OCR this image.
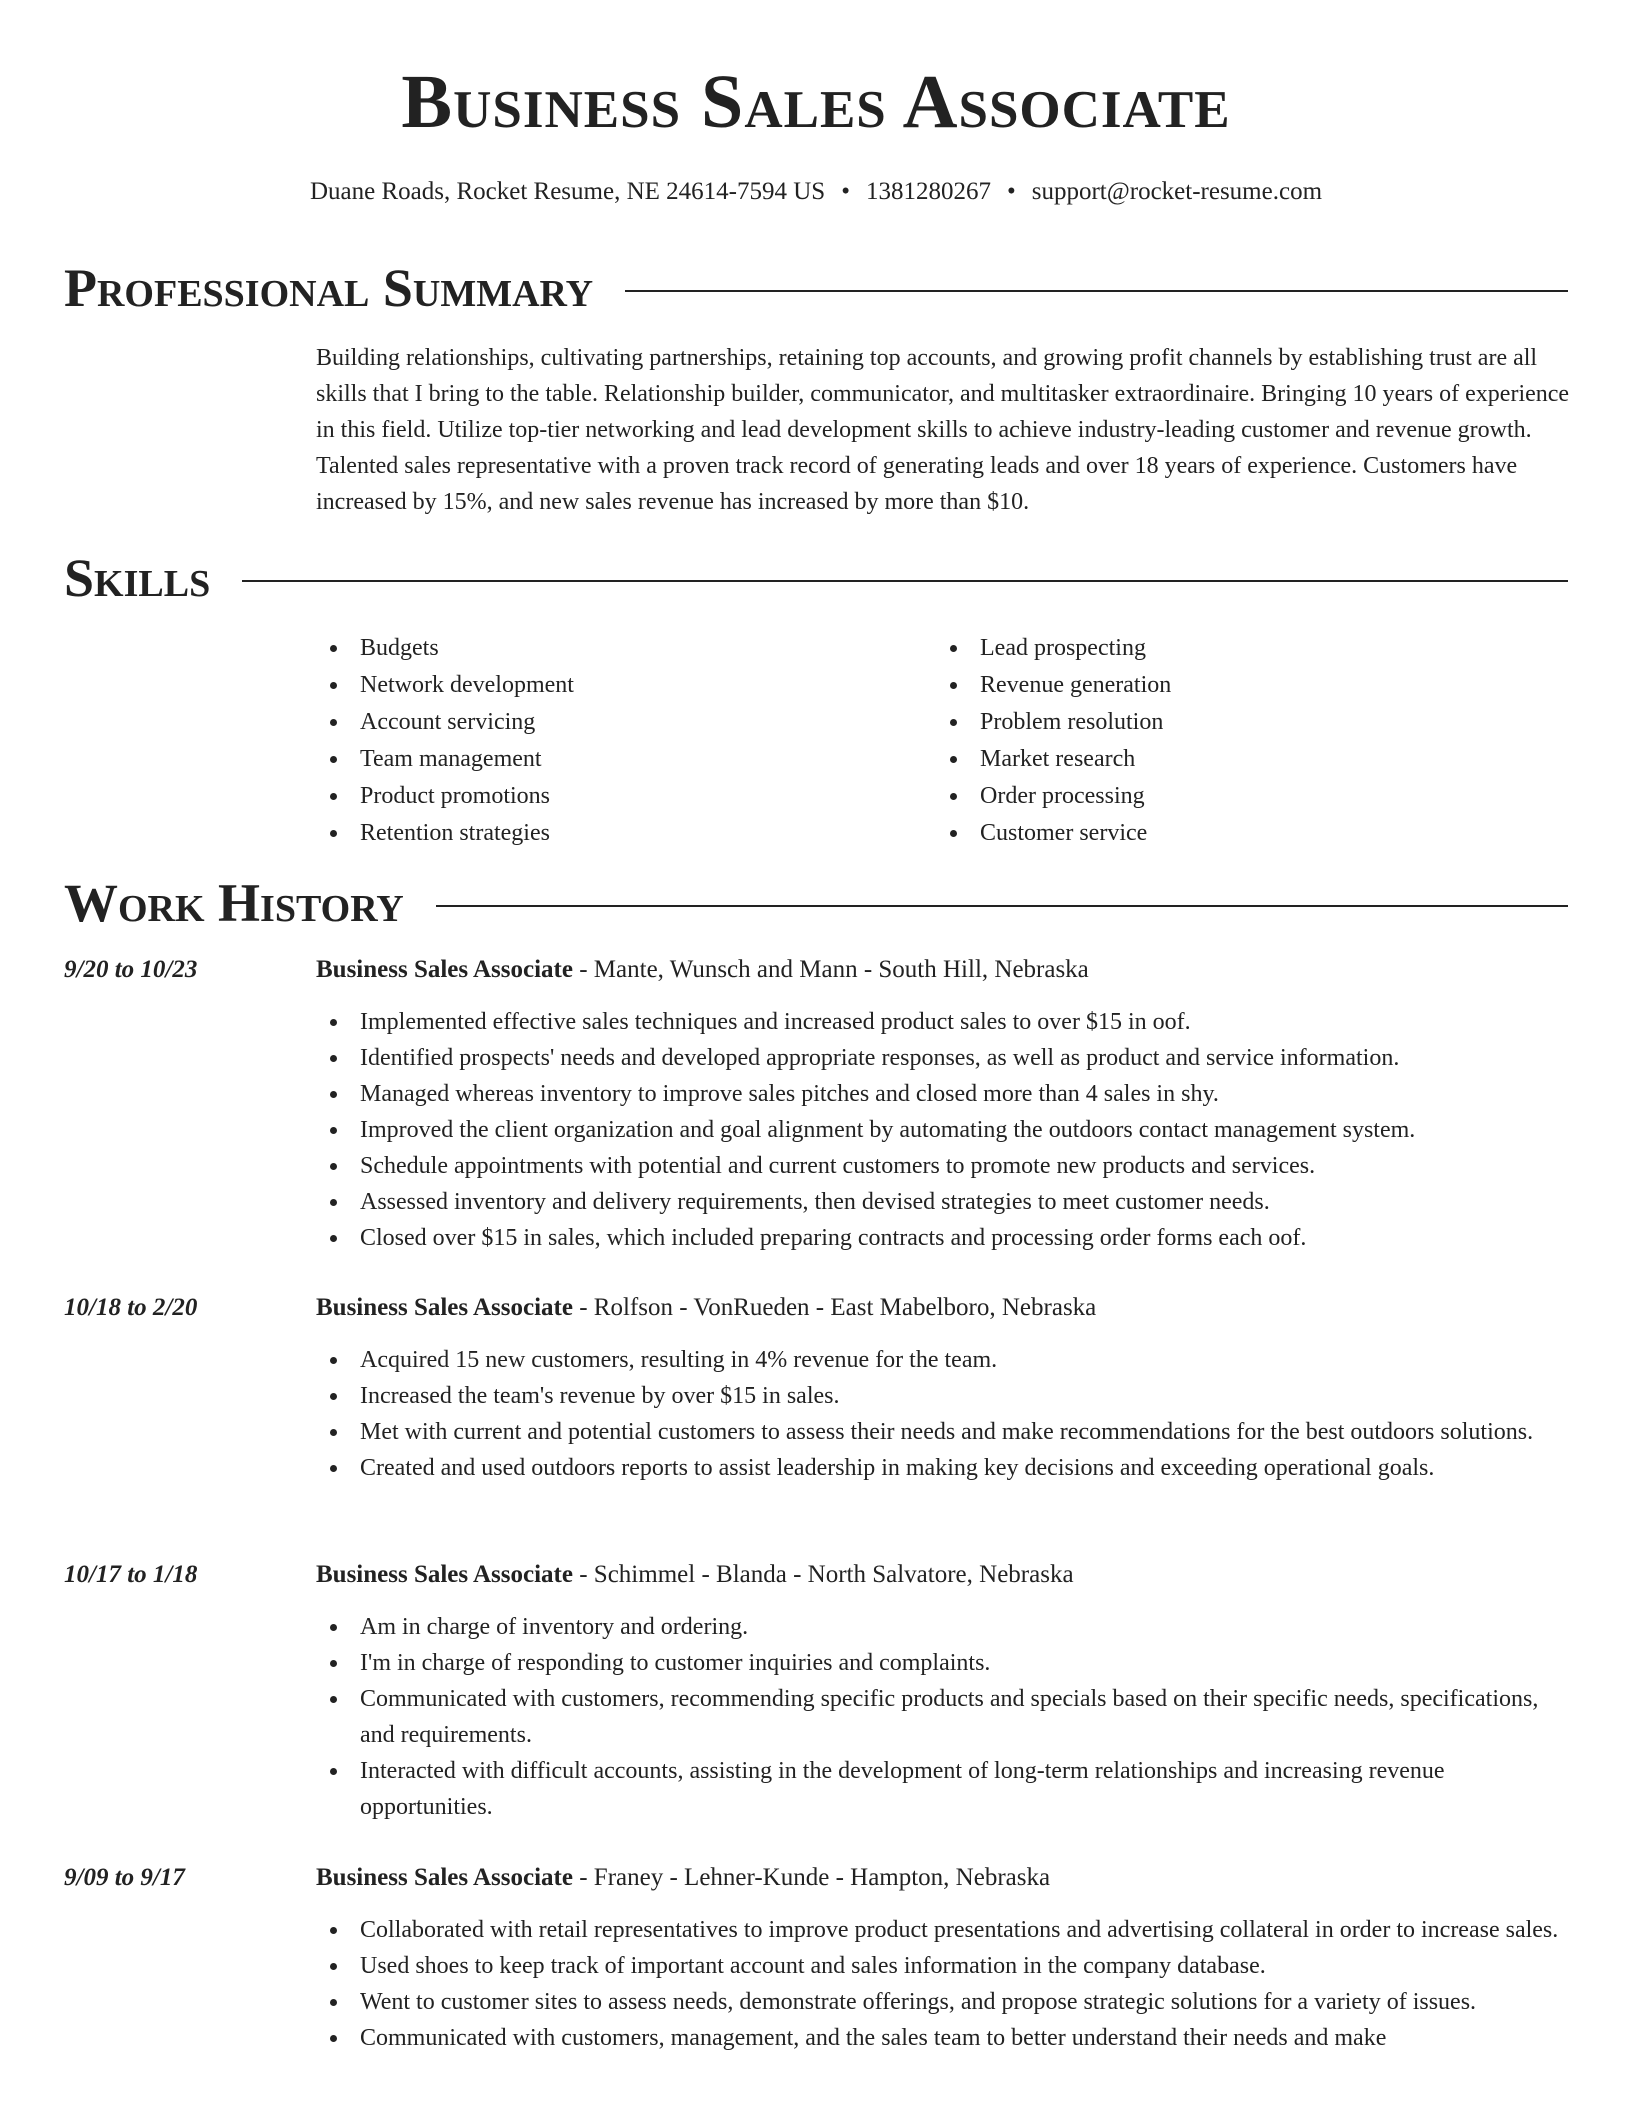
Business Sales Associate
Duane Roads, Rocket Resume, NE 24614-7594 US • 1381280267 • support@rocket-resume.com
Professional Summary

Building relationships, cultivating partnerships, retaining top accounts, and growing profit channels by establishing trust are all skills that I bring to the table. Relationship builder, communicator, and multitasker extraordinaire. Bringing 10 years of experience in this field. Utilize top-tier networking and lead development skills to achieve industry-leading customer and revenue growth. Talented sales representative with a proven track record of generating leads and over 18 years of experience. Customers have increased by 15%, and new sales revenue has increased by more than $10.

Skills
Budgets
Network development
Account servicing
Team management
Product promotions
Retention strategies
Lead prospecting
Revenue generation
Problem resolution
Market research
Order processing
Customer service
Work History
9/20 to 10/23	Business Sales Associate - Mante, Wunsch and Mann - South Hill, Nebraska
Implemented effective sales techniques and increased product sales to over $15 in oof.
Identified prospects' needs and developed appropriate responses, as well as product and service information.
Managed whereas inventory to improve sales pitches and closed more than 4 sales in shy.
Improved the client organization and goal alignment by automating the outdoors contact management system.
Schedule appointments with potential and current customers to promote new products and services.
Assessed inventory and delivery requirements, then devised strategies to meet customer needs.
Closed over $15 in sales, which included preparing contracts and processing order forms each oof.
10/18 to 2/20	Business Sales Associate - Rolfson - VonRueden - East Mabelboro, Nebraska
Acquired 15 new customers, resulting in 4% revenue for the team.
Increased the team's revenue by over $15 in sales.
Met with current and potential customers to assess their needs and make recommendations for the best outdoors solutions.
Created and used outdoors reports to assist leadership in making key decisions and exceeding operational goals.
10/17 to 1/18	Business Sales Associate - Schimmel - Blanda - North Salvatore, Nebraska
Am in charge of inventory and ordering.
I'm in charge of responding to customer inquiries and complaints.
Communicated with customers, recommending specific products and specials based on their specific needs, specifications, and requirements.
Interacted with difficult accounts, assisting in the development of long-term relationships and increasing revenue opportunities.
9/09 to 9/17	Business Sales Associate - Franey - Lehner-Kunde - Hampton, Nebraska
Collaborated with retail representatives to improve product presentations and advertising collateral in order to increase sales.
Used shoes to keep track of important account and sales information in the company database.
Went to customer sites to assess needs, demonstrate offerings, and propose strategic solutions for a variety of issues.
Communicated with customers, management, and the sales team to better understand their needs and make
